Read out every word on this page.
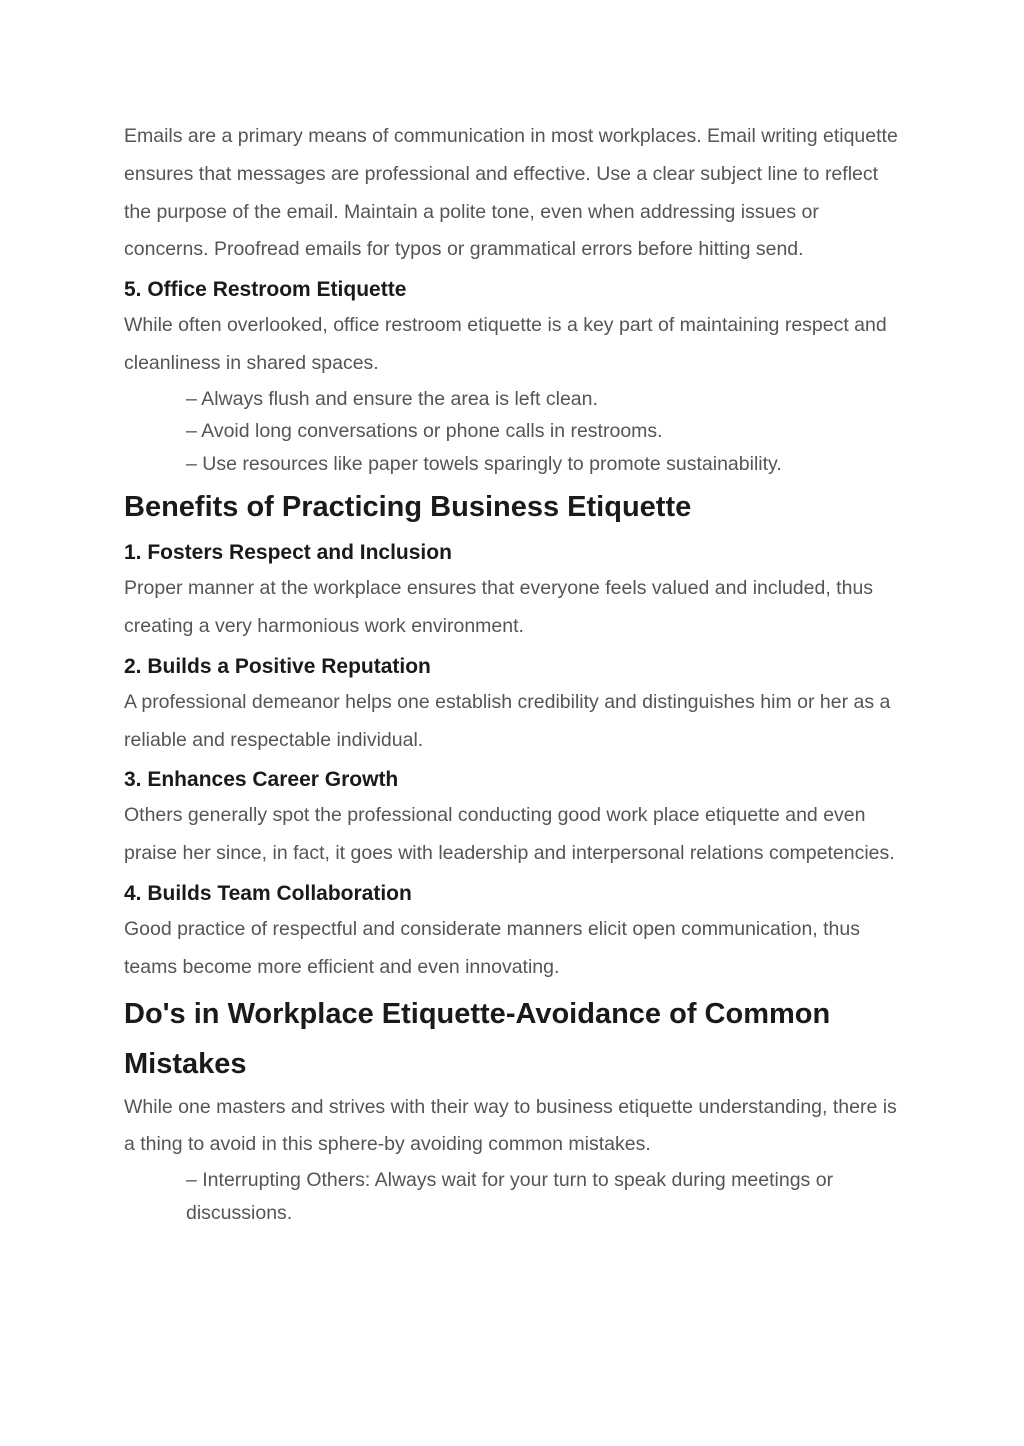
Emails are a primary means of communication in most workplaces. Email writing etiquette ensures that messages are professional and effective. Use a clear subject line to reflect the purpose of the email. Maintain a polite tone, even when addressing issues or concerns. Proofread emails for typos or grammatical errors before hitting send.

5. Office Restroom Etiquette

While often overlooked, office restroom etiquette is a key part of maintaining respect and cleanliness in shared spaces.

– Always flush and ensure the area is left clean.
– Avoid long conversations or phone calls in restrooms.
– Use resources like paper towels sparingly to promote sustainability.
Benefits of Practicing Business Etiquette
1. Fosters Respect and Inclusion

Proper manner at the workplace ensures that everyone feels valued and included, thus creating a very harmonious work environment.

2. Builds a Positive Reputation

A professional demeanor helps one establish credibility and distinguishes him or her as a reliable and respectable individual.

3. Enhances Career Growth

Others generally spot the professional conducting good work place etiquette and even praise her since, in fact, it goes with leadership and interpersonal relations competencies.

4. Builds Team Collaboration

Good practice of respectful and considerate manners elicit open communication, thus teams become more efficient and even innovating.

Do's in Workplace Etiquette-Avoidance of Common Mistakes

While one masters and strives with their way to business etiquette understanding, there is a thing to avoid in this sphere-by avoiding common mistakes.

– Interrupting Others: Always wait for your turn to speak during meetings or discussions.
